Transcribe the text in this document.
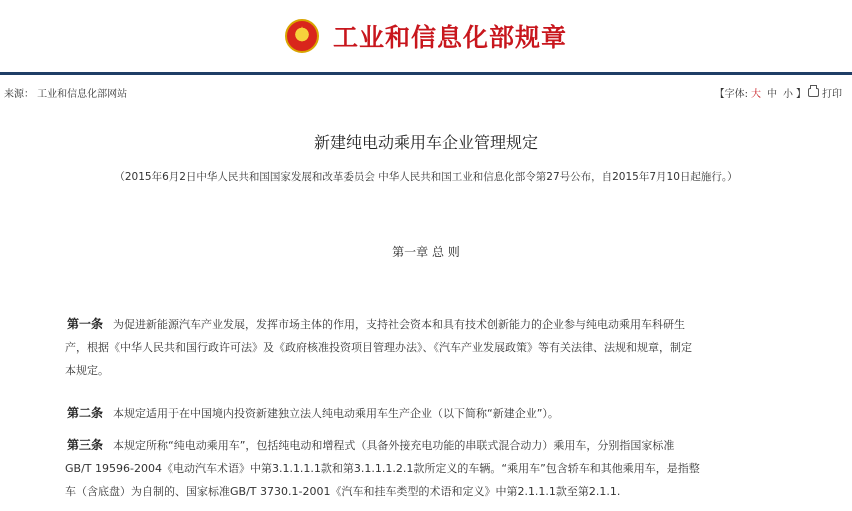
★
工业和信息化部规章
来源： 工业和信息化部网站	【字体: 大 中 小 】 打印
新建纯电动乘用车企业管理规定
（2015年6月2日中华人民共和国国家发展和改革委员会 中华人民共和国工业和信息化部令第27号公布，自2015年7月10日起施行。）
第一章 总 则
第一条 为促进新能源汽车产业发展，发挥市场主体的作用，支持社会资本和具有技术创新能力的企业参与纯电动乘用车科研生
产，根据《中华人民共和国行政许可法》及《政府核准投资项目管理办法》、《汽车产业发展政策》等有关法律、法规和规章，制定
本规定。
第二条 本规定适用于在中国境内投资新建独立法人纯电动乘用车生产企业（以下简称“新建企业”）。
第三条 本规定所称“纯电动乘用车”，包括纯电动和增程式（具备外接充电功能的串联式混合动力）乘用车，分别指国家标准
GB/T 19596-2004《电动汽车术语》中第3.1.1.1.1款和第3.1.1.1.2.1款所定义的车辆。“乘用车”包含轿车和其他乘用车，是指整
车（含底盘）为自制的、国家标准GB/T 3730.1-2001《汽车和挂车类型的术语和定义》中第2.1.1.1款至第2.1.1.
